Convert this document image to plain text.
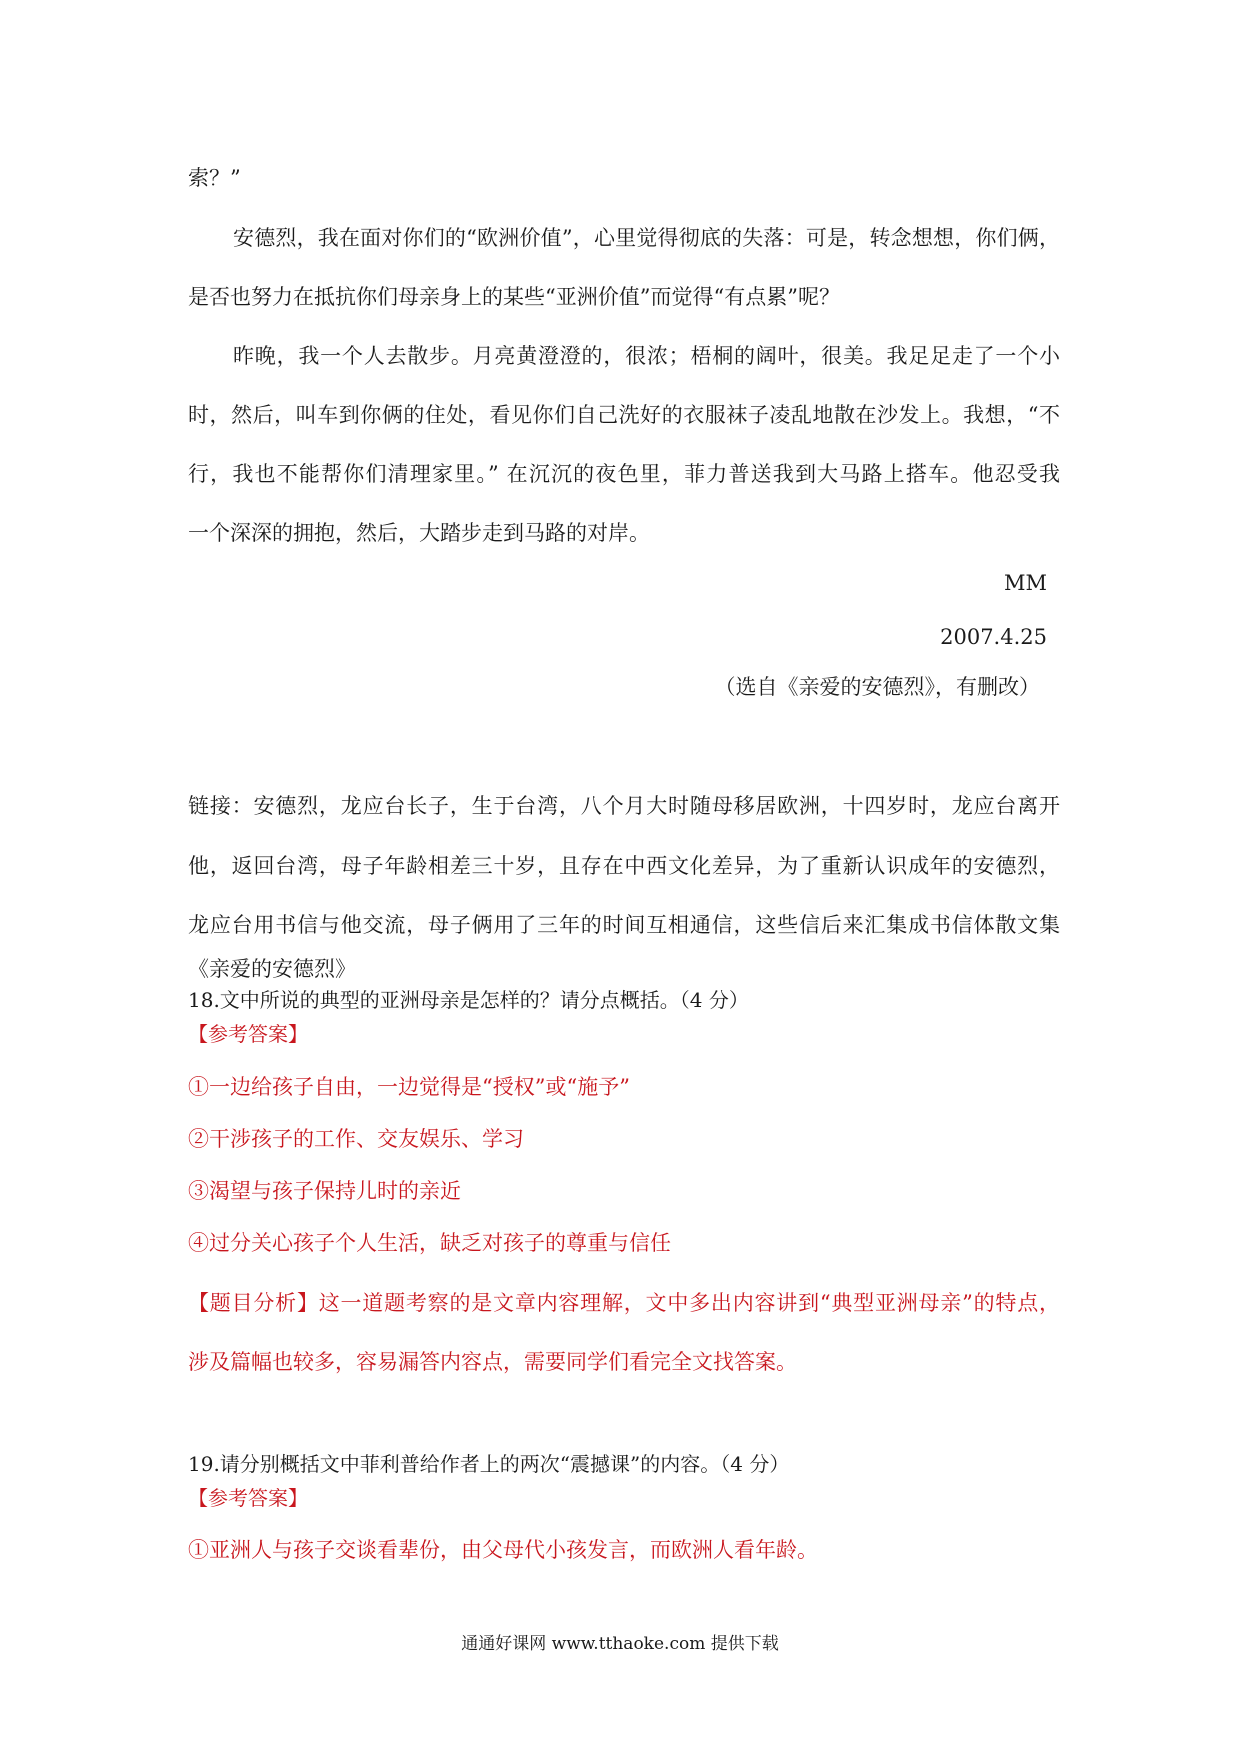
索？”
安德烈，我在面对你们的“欧洲价值”，心里觉得彻底的失落：可是，转念想想，你们俩，
是否也努力在抵抗你们母亲身上的某些“亚洲价值”而觉得“有点累”呢？
昨晚，我一个人去散步。月亮黄澄澄的，很浓；梧桐的阔叶，很美。我足足走了一个小
时，然后，叫车到你俩的住处，看见你们自己洗好的衣服袜子凌乱地散在沙发上。我想，“不
行，我也不能帮你们清理家里。” 在沉沉的夜色里，菲力普送我到大马路上搭车。他忍受我
一个深深的拥抱，然后，大踏步走到马路的对岸。
MM
2007.4.25
（选自《亲爱的安德烈》，有删改）
链接：安德烈，龙应台长子，生于台湾，八个月大时随母移居欧洲，十四岁时，龙应台离开
他，返回台湾，母子年龄相差三十岁，且存在中西文化差异，为了重新认识成年的安德烈，
龙应台用书信与他交流，母子俩用了三年的时间互相通信，这些信后来汇集成书信体散文集
《亲爱的安德烈》
18.文中所说的典型的亚洲母亲是怎样的？请分点概括。（4 分）
【参考答案】
①一边给孩子自由，一边觉得是“授权”或“施予”
②干涉孩子的工作、交友娱乐、学习
③渴望与孩子保持儿时的亲近
④过分关心孩子个人生活，缺乏对孩子的尊重与信任
【题目分析】这一道题考察的是文章内容理解，文中多出内容讲到“典型亚洲母亲”的特点，
涉及篇幅也较多，容易漏答内容点，需要同学们看完全文找答案。
19.请分别概括文中菲利普给作者上的两次“震撼课”的内容。（4 分）
【参考答案】
①亚洲人与孩子交谈看辈份，由父母代小孩发言，而欧洲人看年龄。
通通好课网 www.tthaoke.com 提供下载
